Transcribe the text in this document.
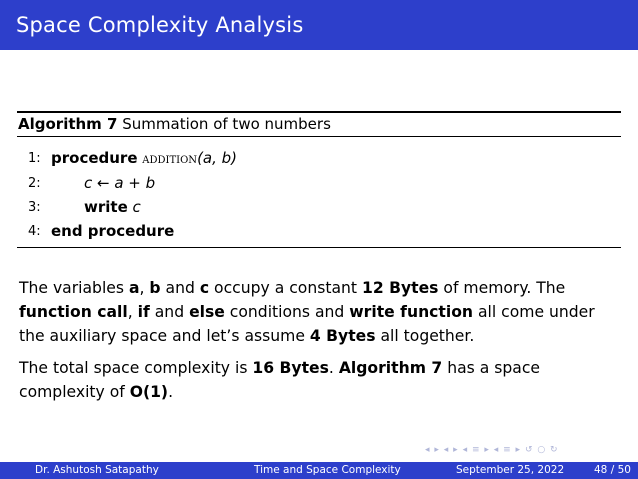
Space Complexity Analysis
Algorithm 7 Summation of two numbers
1: procedure addition(a, b)
2:	c ← a + b
3:	write c
4: end procedure
The variables a, b and c occupy a constant 12 Bytes of memory. The
function call, if and else conditions and write function all come under
the auxiliary space and let’s assume 4 Bytes all together.
The total space complexity is 16 Bytes. Algorithm 7 has a space
complexity of O(1).
◂ ▸ ◂ ▸ ◂ ≡ ▸ ◂ ≡ ▸ ↺ ○ ↻
Dr. Ashutosh Satapathy	Time and Space Complexity	September 25, 2022	48 / 50
